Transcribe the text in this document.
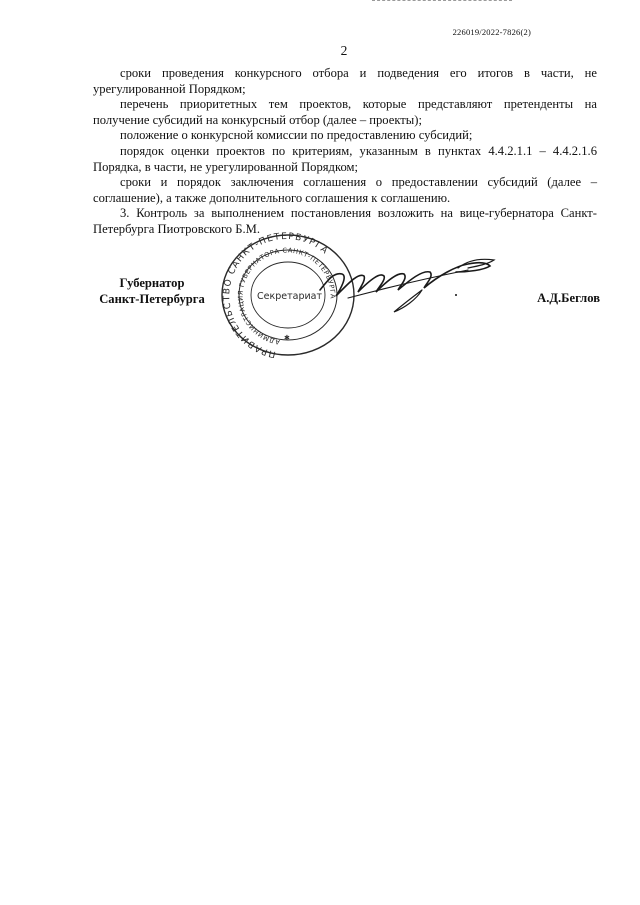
226019/2022-7826(2)
2

сроки проведения конкурсного отбора и подведения его итогов в части, не урегулированной Порядком;

перечень приоритетных тем проектов, которые представляют претенденты на получение субсидий на конкурсный отбор (далее – проекты);

положение о конкурсной комиссии по предоставлению субсидий;

порядок оценки проектов по критериям, указанным в пунктах 4.4.2.1.1 – 4.4.2.1.6 Порядка, в части, не урегулированной Порядком;

сроки и порядок заключения соглашения о предоставлении субсидий (далее – соглашение), а также дополнительного соглашения к соглашению.

3. Контроль за выполнением постановления возложить на вице-губернатора Санкт-Петербурга Пиотровского Б.М.

Губернатор
Санкт-Петербурга
ПРАВИТЕЛЬСТВО САНКТ-ПЕТЕРБУРГА
АДМИНИСТРАЦИЯ ГУБЕРНАТОРА САНКТ-ПЕТЕРБУРГА
Секретариат
✱
А.Д.Беглов
